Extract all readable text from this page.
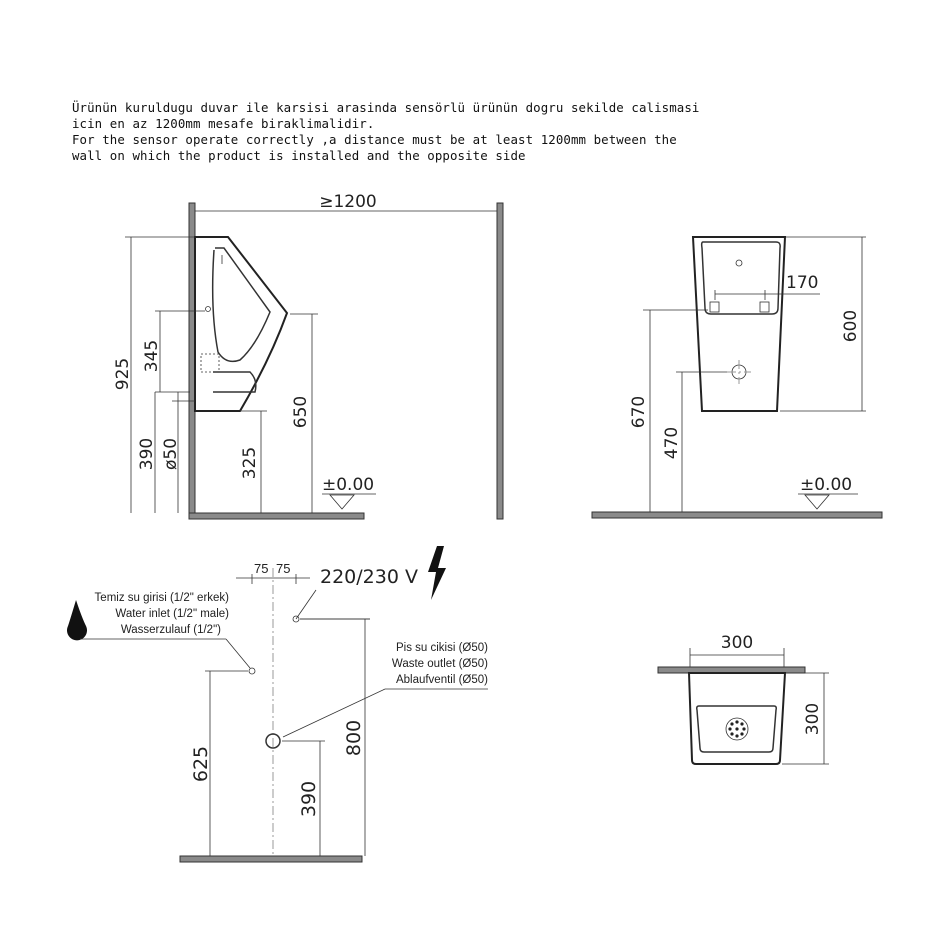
Ürünün kuruldugu duvar ile karsisi arasinda sensörlü ürünün dogru sekilde calismasi

icin en az 1200mm mesafe biraklimalidir.

For the sensor operate correctly ,a distance must be at least 1200mm between the

wall on which the product is installed and the opposite side

≥1200
±0.00
925
345
390 ø50
650
325
170
600
670
470
±0.00
75 75 220/230 V
Temiz su girisi (1/2" erkek)
Water inlet (1/2" male)
Wasserzulauf (1/2")
Pis su cikisi (Ø50)
Waste outlet (Ø50)
Ablaufventil (Ø50)
625
800
390
300
300
